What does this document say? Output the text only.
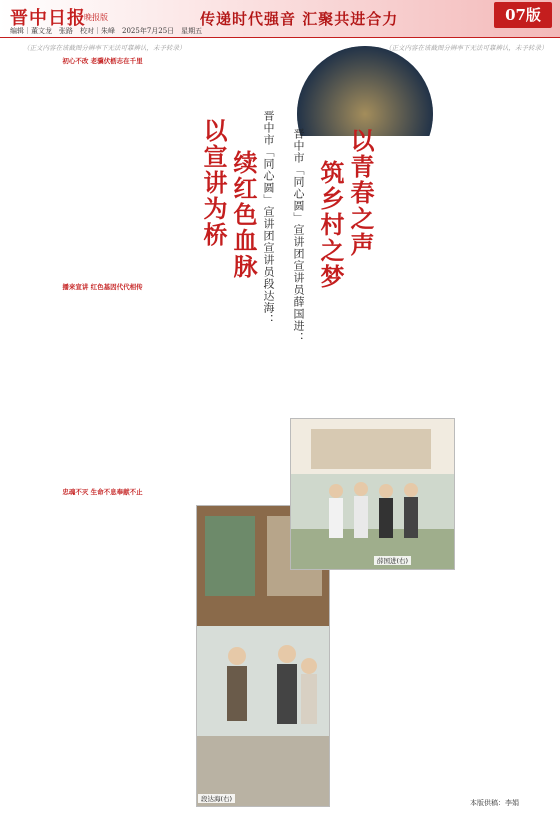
晋中日报
晚报版	传递时代强音 汇聚共进合力	07版
编辑｜董文龙　张路　校对｜朱峰　2025年7月25日　星期五

（正文内容在该截图分辨率下无法可靠辨认，未予转录）

初心不改 老骥伏枥志在千里

以宣讲为桥 续红色血脉 晋中市「同心圆」宣讲团宣讲员段达海：

播来宣讲 红色基因代代相传

忠魂不灭 生命不息奉献不止

段达海(右)
以青春之声
筑乡村之梦
晋中市「同心圆」宣讲团宣讲员薛国进：

（正文内容在该截图分辨率下无法可靠辨认，未予转录）

薛国进(右)
本版供稿：李娟
